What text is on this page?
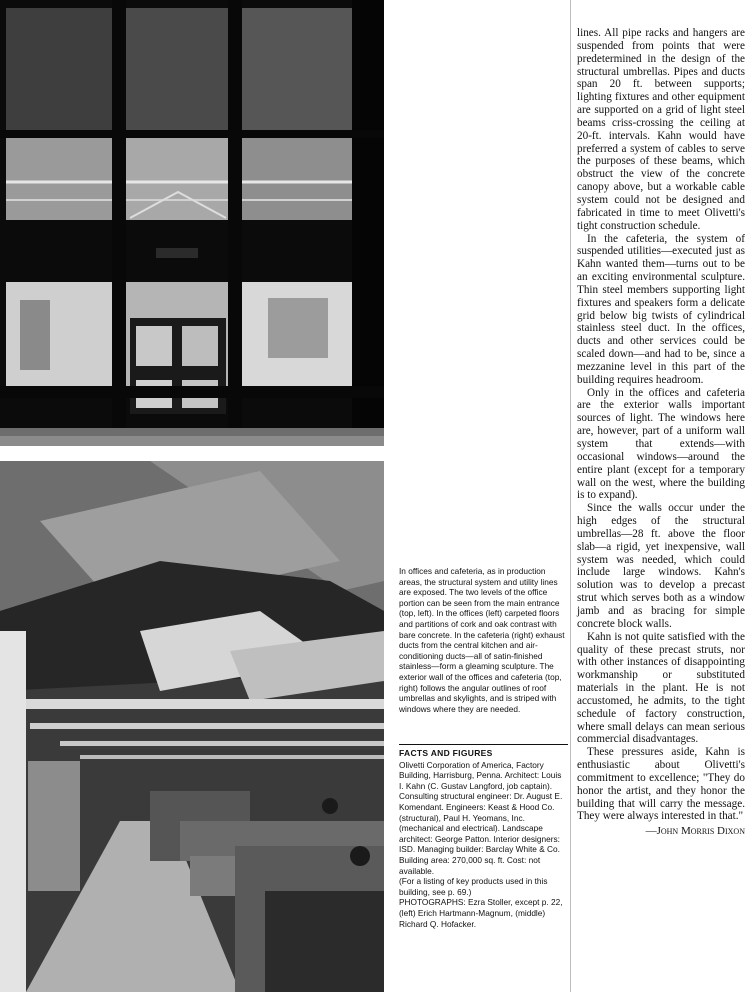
In offices and cafeteria, as in production areas, the structural system and utility lines are exposed. The two levels of the office portion can be seen from the main entrance (top, left). In the offices (left) carpeted floors and partitions of cork and oak contrast with bare concrete. In the cafeteria (right) exhaust ducts from the central kitchen and air-conditioning ducts—all of satin-finished stainless—form a gleaming sculpture. The exterior wall of the offices and cafeteria (top, right) follows the angular outlines of roof umbrellas and skylights, and is striped with windows where they are needed.

FACTS AND FIGURES

Olivetti Corporation of America, Factory Building, Harrisburg, Penna. Architect: Louis I. Kahn (C. Gustav Langford, job captain). Consulting structural engineer: Dr. August E. Komendant. Engineers: Keast & Hood Co. (structural), Paul H. Yeomans, Inc. (mechanical and electrical). Landscape architect: George Patton. Interior designers: ISD. Managing builder: Barclay White & Co. Building area: 270,000 sq. ft. Cost: not available.

(For a listing of key products used in this building, see p. 69.)

PHOTOGRAPHS: Ezra Stoller, except p. 22, (left) Erich Hartmann-Magnum, (middle) Richard Q. Hofacker.

lines. All pipe racks and hangers are suspended from points that were predetermined in the design of the structural umbrellas. Pipes and ducts span 20 ft. between supports; lighting fixtures and other equipment are supported on a grid of light steel beams criss-crossing the ceiling at 20-ft. intervals. Kahn would have preferred a system of cables to serve the purposes of these beams, which obstruct the view of the concrete canopy above, but a workable cable system could not be designed and fabricated in time to meet Olivetti's tight construction schedule.

In the cafeteria, the system of suspended utilities—executed just as Kahn wanted them—turns out to be an exciting environmental sculpture. Thin steel members supporting light fixtures and speakers form a delicate grid below big twists of cylindrical stainless steel duct. In the offices, ducts and other services could be scaled down—and had to be, since a mezzanine level in this part of the building requires headroom.

Only in the offices and cafeteria are the exterior walls important sources of light. The windows here are, however, part of a uniform wall system that extends—with occasional windows—around the entire plant (except for a temporary wall on the west, where the building is to expand).

Since the walls occur under the high edges of the structural umbrellas—28 ft. above the floor slab—a rigid, yet inexpensive, wall system was needed, which could include large windows. Kahn's solution was to develop a precast strut which serves both as a window jamb and as bracing for simple concrete block walls.

Kahn is not quite satisfied with the quality of these precast struts, nor with other instances of disappointing workmanship or substituted materials in the plant. He is not accustomed, he admits, to the tight schedule of factory construction, where small delays can mean serious commercial disadvantages.

These pressures aside, Kahn is enthusiastic about Olivetti's commitment to excellence; "They do honor the artist, and they honor the building that will carry the message. They were always interested in that."

—John Morris Dixon
